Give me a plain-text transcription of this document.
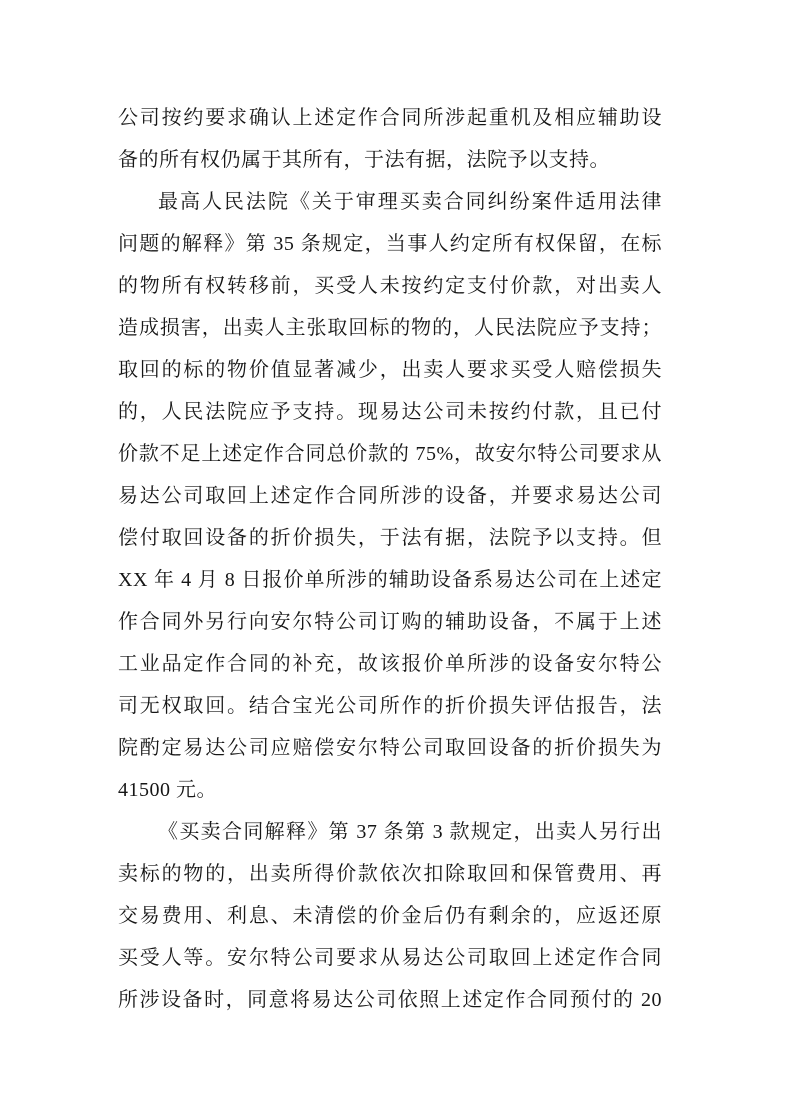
公司按约要求确认上述定作合同所涉起重机及相应辅助设
备的所有权仍属于其所有，于法有据，法院予以支持。
最高人民法院《关于审理买卖合同纠纷案件适用法律
问题的解释》第 35 条规定，当事人约定所有权保留，在标
的物所有权转移前，买受人未按约定支付价款，对出卖人
造成损害，出卖人主张取回标的物的，人民法院应予支持；
取回的标的物价值显著减少，出卖人要求买受人赔偿损失
的，人民法院应予支持。现易达公司未按约付款，且已付
价款不足上述定作合同总价款的 75%，故安尔特公司要求从
易达公司取回上述定作合同所涉的设备，并要求易达公司
偿付取回设备的折价损失，于法有据，法院予以支持。但
XX 年 4 月 8 日报价单所涉的辅助设备系易达公司在上述定
作合同外另行向安尔特公司订购的辅助设备，不属于上述
工业品定作合同的补充，故该报价单所涉的设备安尔特公
司无权取回。结合宝光公司所作的折价损失评估报告，法
院酌定易达公司应赔偿安尔特公司取回设备的折价损失为
41500 元。
《买卖合同解释》第 37 条第 3 款规定，出卖人另行出
卖标的物的，出卖所得价款依次扣除取回和保管费用、再
交易费用、利息、未清偿的价金后仍有剩余的，应返还原
买受人等。安尔特公司要求从易达公司取回上述定作合同
所涉设备时，同意将易达公司依照上述定作合同预付的 20
